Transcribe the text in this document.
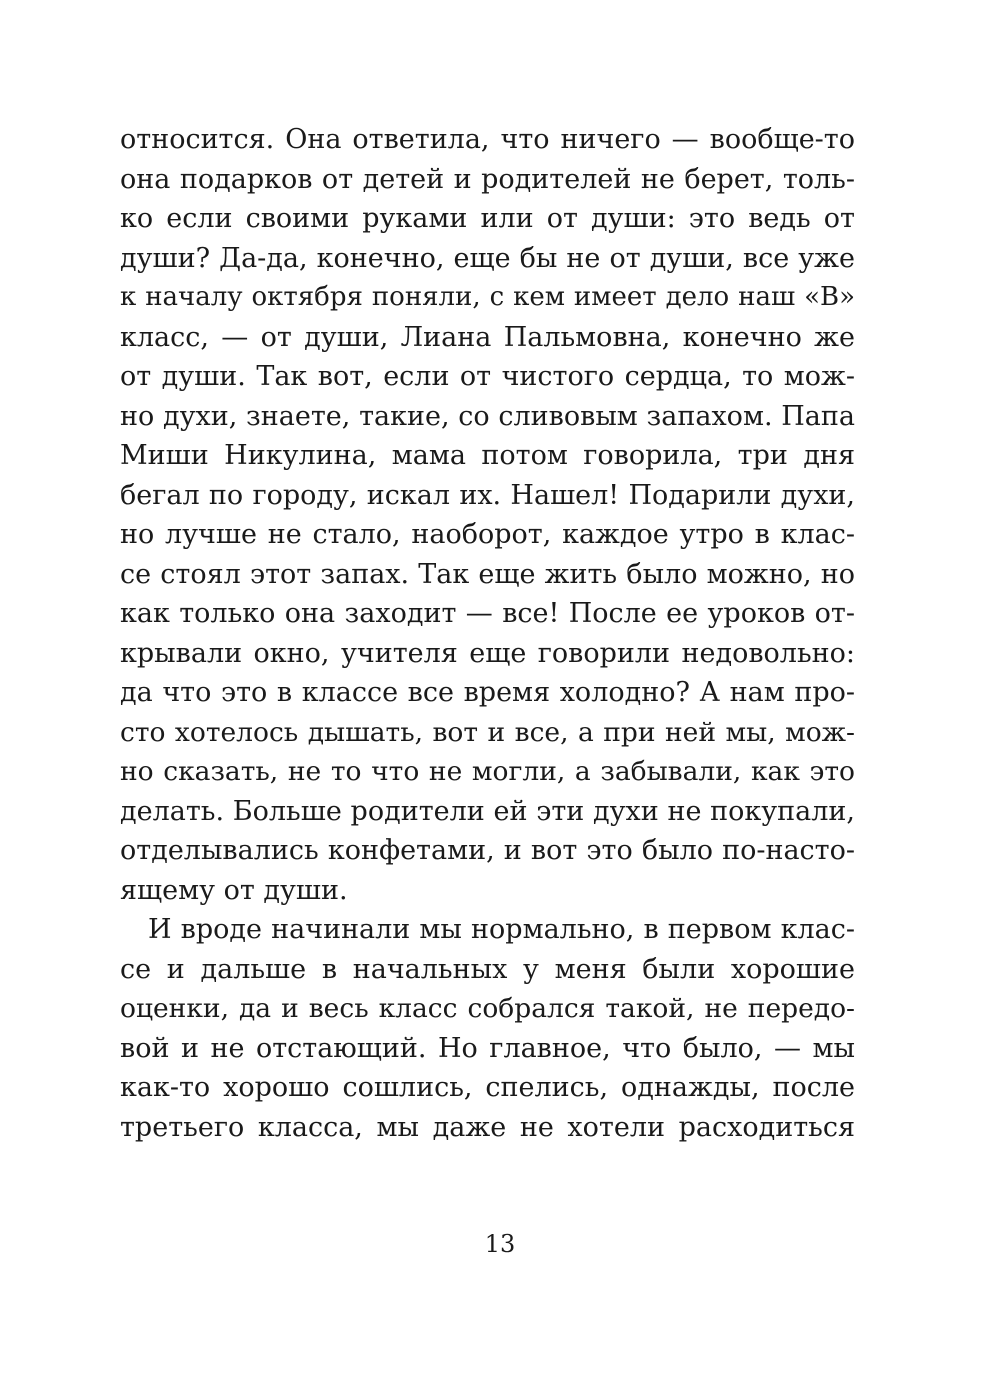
относится. Она ответила, что ничего — вообще-то
она подарков от детей и родителей не берет, толь-
ко если своими руками или от души: это ведь от
души? Да-да, конечно, еще бы не от души, все уже
к началу октября поняли, с кем имеет дело наш «В»
класс, — от души, Лиана Пальмовна, конечно же
от души. Так вот, если от чистого сердца, то мож-
но духи, знаете, такие, со сливовым запахом. Папа
Миши Никулина, мама потом говорила, три дня
бегал по городу, искал их. Нашел! Подарили духи,
но лучше не стало, наоборот, каждое утро в клас-
се стоял этот запах. Так еще жить было можно, но
как только она заходит — все! После ее уроков от-
крывали окно, учителя еще говорили недовольно:
да что это в классе все время холодно? А нам про-
сто хотелось дышать, вот и все, а при ней мы, мож-
но сказать, не то что не могли, а забывали, как это
делать. Больше родители ей эти духи не покупали,
отделывались конфетами, и вот это было по-насто-
ящему от души.
И вроде начинали мы нормально, в первом клас-
се и дальше в начальных у меня были хорошие
оценки, да и весь класс собрался такой, не передо-
вой и не отстающий. Но главное, что было, — мы
как-то хорошо сошлись, спелись, однажды, после
третьего класса, мы даже не хотели расходиться
13
